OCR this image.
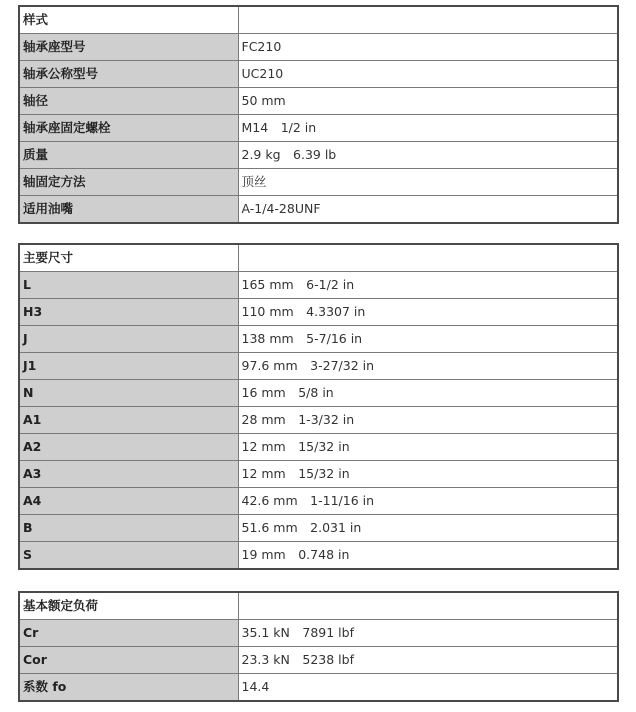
样式	
轴承座型号	FC210
轴承公称型号	UC210
轴径	50 mm
轴承座固定螺栓	M14　1/2 in
质量	2.9 kg　6.39 lb
轴固定方法	顶丝
适用油嘴	A-1/4-28UNF
主要尺寸	
L	165 mm　6-1/2 in
H3	110 mm　4.3307 in
J	138 mm　5-7/16 in
J1	97.6 mm　3-27/32 in
N	16 mm　5/8 in
A1	28 mm　1-3/32 in
A2	12 mm　15/32 in
A3	12 mm　15/32 in
A4	42.6 mm　1-11/16 in
B	51.6 mm　2.031 in
S	19 mm　0.748 in
基本额定负荷	
Cr	35.1 kN　7891 lbf
Cor	23.3 kN　5238 lbf
系数 fo	14.4
